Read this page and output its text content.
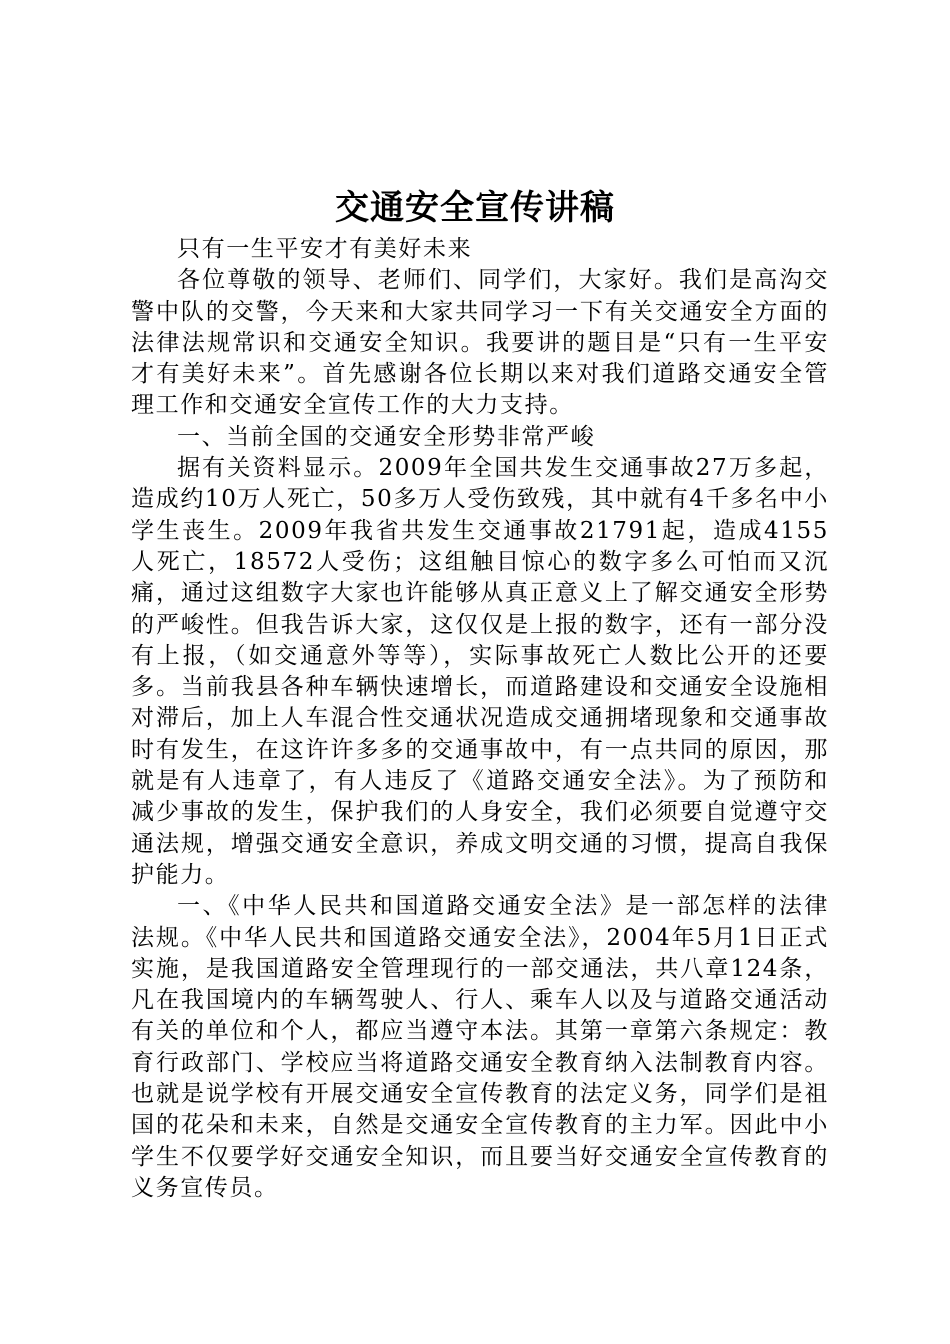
交通安全宣传讲稿

只有一生平安才有美好未来

各位尊敬的领导、老师们、同学们，大家好。我们是高沟交警中队的交警，今天来和大家共同学习一下有关交通安全方面的法律法规常识和交通安全知识。我要讲的题目是“只有一生平安才有美好未来”。首先感谢各位长期以来对我们道路交通安全管理工作和交通安全宣传工作的大力支持。

一、当前全国的交通安全形势非常严峻

据有关资料显示。2009年全国共发生交通事故27万多起，造成约10万人死亡，50多万人受伤致残，其中就有4千多名中小学生丧生。2009年我省共发生交通事故21791起，造成4155人死亡，18572人受伤；这组触目惊心的数字多么可怕而又沉痛，通过这组数字大家也许能够从真正意义上了解交通安全形势的严峻性。但我告诉大家，这仅仅是上报的数字，还有一部分没有上报，（如交通意外等等），实际事故死亡人数比公开的还要多。当前我县各种车辆快速增长，而道路建设和交通安全设施相对滞后，加上人车混合性交通状况造成交通拥堵现象和交通事故时有发生，在这许许多多的交通事故中，有一点共同的原因，那就是有人违章了，有人违反了《道路交通安全法》。为了预防和减少事故的发生，保护我们的人身安全，我们必须要自觉遵守交通法规，增强交通安全意识，养成文明交通的习惯，提高自我保护能力。

一、《中华人民共和国道路交通安全法》是一部怎样的法律法规。《中华人民共和国道路交通安全法》，2004年5月1日正式实施，是我国道路安全管理现行的一部交通法，共八章124条，凡在我国境内的车辆驾驶人、行人、乘车人以及与道路交通活动有关的单位和个人，都应当遵守本法。其第一章第六条规定：教育行政部门、学校应当将道路交通安全教育纳入法制教育内容。也就是说学校有开展交通安全宣传教育的法定义务，同学们是祖国的花朵和未来，自然是交通安全宣传教育的主力军。因此中小学生不仅要学好交通安全知识，而且要当好交通安全宣传教育的义务宣传员。
